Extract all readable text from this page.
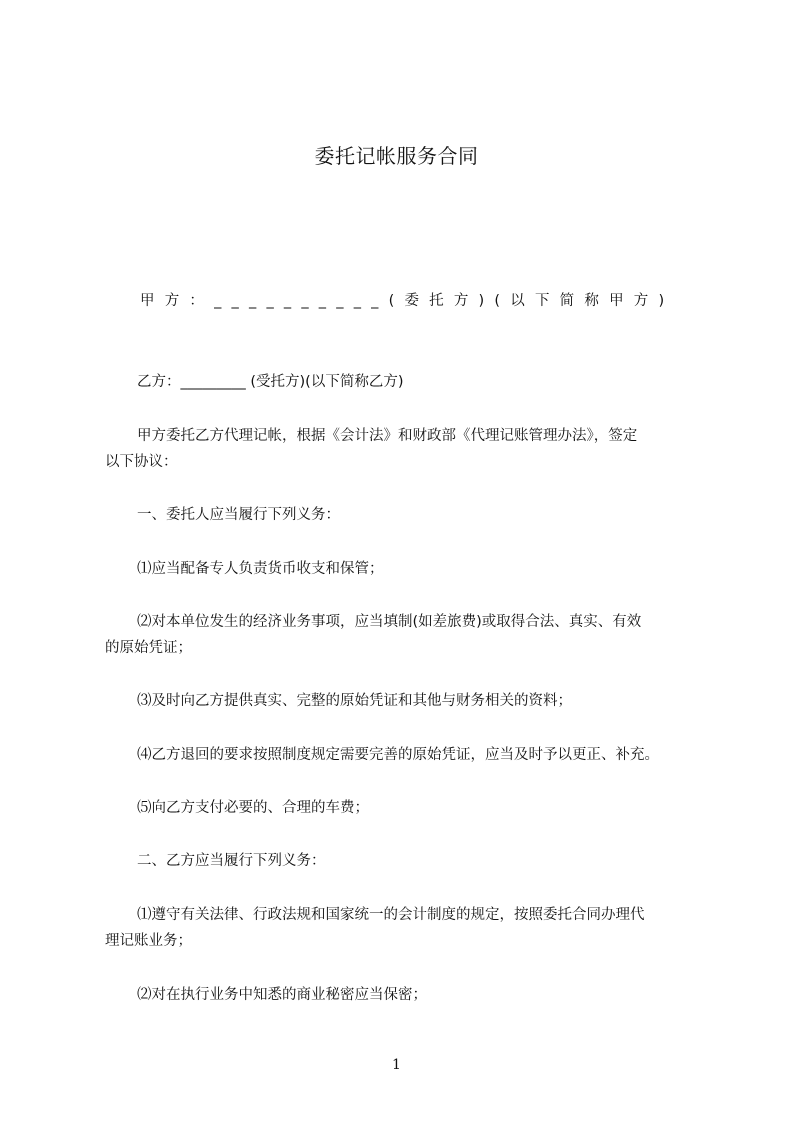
委托记帐服务合同
甲方：__________(委托方)(以下简称甲方)
乙方：_________ (受托方)(以下简称乙方)
甲方委托乙方代理记帐，根据《会计法》和财政部《代理记账管理办法》，签定
以下协议：
一、委托人应当履行下列义务：
⑴应当配备专人负责货币收支和保管；
⑵对本单位发生的经济业务事项，应当填制(如差旅费)或取得合法、真实、有效
的原始凭证；
⑶及时向乙方提供真实、完整的原始凭证和其他与财务相关的资料；
⑷乙方退回的要求按照制度规定需要完善的原始凭证，应当及时予以更正、补充。
⑸向乙方支付必要的、合理的车费；
二、乙方应当履行下列义务：
⑴遵守有关法律、行政法规和国家统一的会计制度的规定，按照委托合同办理代
理记账业务；
⑵对在执行业务中知悉的商业秘密应当保密；
1
